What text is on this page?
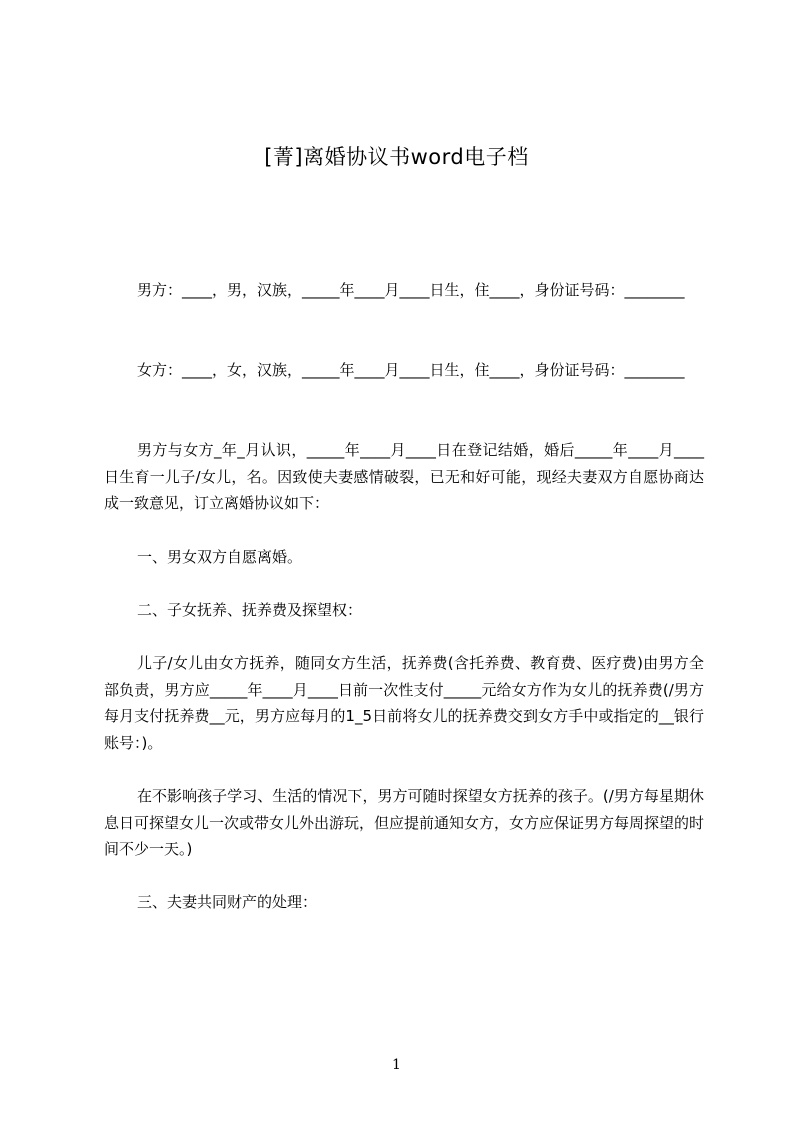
[菁]离婚协议书word电子档

男方：____，男，汉族，_____年____月____日生，住____，身份证号码：________

女方：____，女，汉族，_____年____月____日生，住____，身份证号码：________

男方与女方_年_月认识，_____年____月____日在登记结婚，婚后_____年____月____日生育一儿子/女儿，名。因致使夫妻感情破裂，已无和好可能，现经夫妻双方自愿协商达成一致意见，订立离婚协议如下：

一、男女双方自愿离婚。

二、子女抚养、抚养费及探望权：

儿子/女儿由女方抚养，随同女方生活，抚养费(含托养费、教育费、医疗费)由男方全部负责，男方应_____年____月____日前一次性支付_____元给女方作为女儿的抚养费(/男方每月支付抚养费__元，男方应每月的1_5日前将女儿的抚养费交到女方手中或指定的__银行账号：)。

在不影响孩子学习、生活的情况下，男方可随时探望女方抚养的孩子。(/男方每星期休息日可探望女儿一次或带女儿外出游玩，但应提前通知女方，女方应保证男方每周探望的时间不少一天。)

三、夫妻共同财产的处理：

1
